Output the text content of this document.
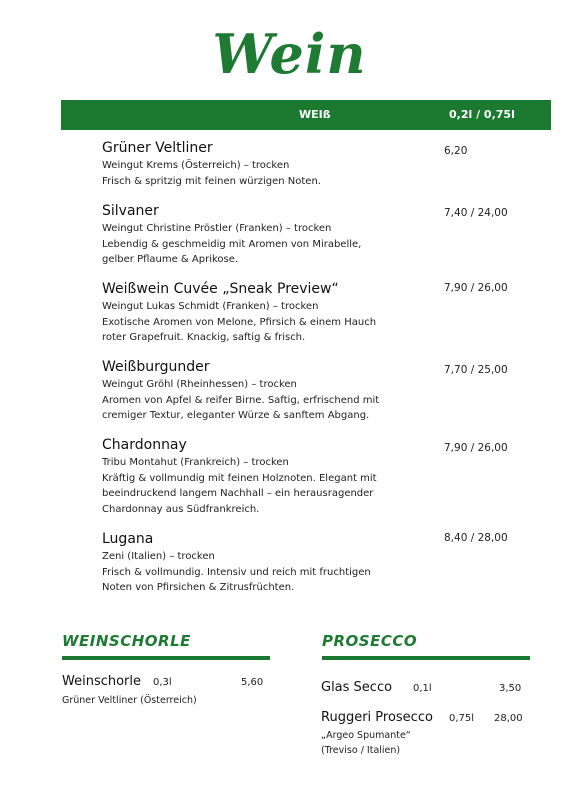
Wein
WEIß	0,2l / 0,75l
Grüner Veltliner
Weingut Krems (Österreich) – trocken
Frisch & spritzig mit feinen würzigen Noten.
6,20
Silvaner
Weingut Christine Pröstler (Franken) – trocken
Lebendig & geschmeidig mit Aromen von Mirabelle,
gelber Pflaume & Aprikose.
7,40 / 24,00
Weißwein Cuvée „Sneak Preview“
Weingut Lukas Schmidt (Franken) – trocken
Exotische Aromen von Melone, Pfirsich & einem Hauch
roter Grapefruit. Knackig, saftig & frisch.
7,90 / 26,00
Weißburgunder
Weingut Gröhl (Rheinhessen) – trocken
Aromen von Apfel & reifer Birne. Saftig, erfrischend mit
cremiger Textur, eleganter Würze & sanftem Abgang.
7,70 / 25,00
Chardonnay
Tribu Montahut (Frankreich) – trocken
Kräftig & vollmundig mit feinen Holznoten. Elegant mit
beeindruckend langem Nachhall – ein herausragender
Chardonnay aus Südfrankreich.
7,90 / 26,00
Lugana
Zeni (Italien) – trocken
Frisch & vollmundig. Intensiv und reich mit fruchtigen
Noten von Pfirsichen & Zitrusfrüchten.
8,40 / 28,00
WEINSCHORLE
Weinschorle 0,3l	5,60
Grüner Veltliner (Österreich)
PROSECCO
Glas Secco 0,1l	3,50
Ruggeri Prosecco 0,75l 28,00
„Argeo Spumante“
(Treviso / Italien)
